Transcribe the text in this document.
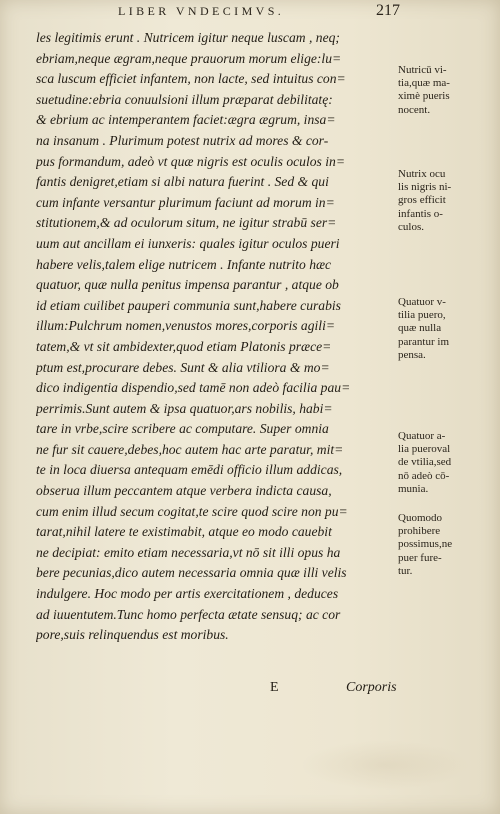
LIBER VNDECIMVS.	217
les legitimis erunt . Nutricem igitur neque luscam , neq;
ebriam,neque ægram,neque prauorum morum elige:lu=
sca luscum efficiet infantem, non lacte, sed intuitus con=
suetudine:ebria conuulsioni illum præparat debilitatę:
& ebrium ac intemperantem faciet:ægra ægrum, insa=
na insanum . Plurimum potest nutrix ad mores & cor-
pus formandum, adeò vt quæ nigris est oculis oculos in=
fantis denigret,etiam si albi natura fuerint . Sed & qui
cum infante versantur plurimum faciunt ad morum in=
stitutionem,& ad oculorum situm, ne igitur strabū ser=
uum aut ancillam ei iunxeris: quales igitur oculos pueri
habere velis,talem elige nutricem . Infante nutrito hæc
quatuor, quæ nulla penitus impensa parantur , atque ob
id etiam cuilibet pauperi communia sunt,habere curabis
illum:Pulchrum nomen,venustos mores,corporis agili=
tatem,& vt sit ambidexter,quod etiam Platonis præce=
ptum est,procurare debes. Sunt & alia vtiliora & mo=
dico indigentia dispendio,sed tamē non adeò facilia pau=
perrimis.Sunt autem & ipsa quatuor,ars nobilis, habi=
tare in vrbe,scire scribere ac computare. Super omnia
ne fur sit cauere,debes,hoc autem hac arte paratur, mit=
te in loca diuersa antequam emēdi officio illum addicas,
obserua illum peccantem atque verbera indicta causa,
cum enim illud secum cogitat,te scire quod scire non pu=
tarat,nihil latere te existimabit, atque eo modo cauebit
ne decipiat: emito etiam necessaria,vt nō sit illi opus ha
bere pecunias,dico autem necessaria omnia quæ illi velis
indulgere. Hoc modo per artis exercitationem , deduces
ad iuuentutem.Tunc homo perfecta ætate sensuq; ac cor
pore,suis relinquendus est moribus.
Nutricū vi-
tia,quæ ma-
ximè pueris
nocent.
Nutrix ocu
lis nigris ni-
gros efficit
infantis o-
culos.
Quatuor v-
tilia puero,
quæ nulla
parantur im
pensa.
Quatuor a-
lia pueroval
de vtilia,sed
nō adeò cō-
munia.
Quomodo
prohibere
possimus,ne
puer fure-
tur.
E	Corporis
